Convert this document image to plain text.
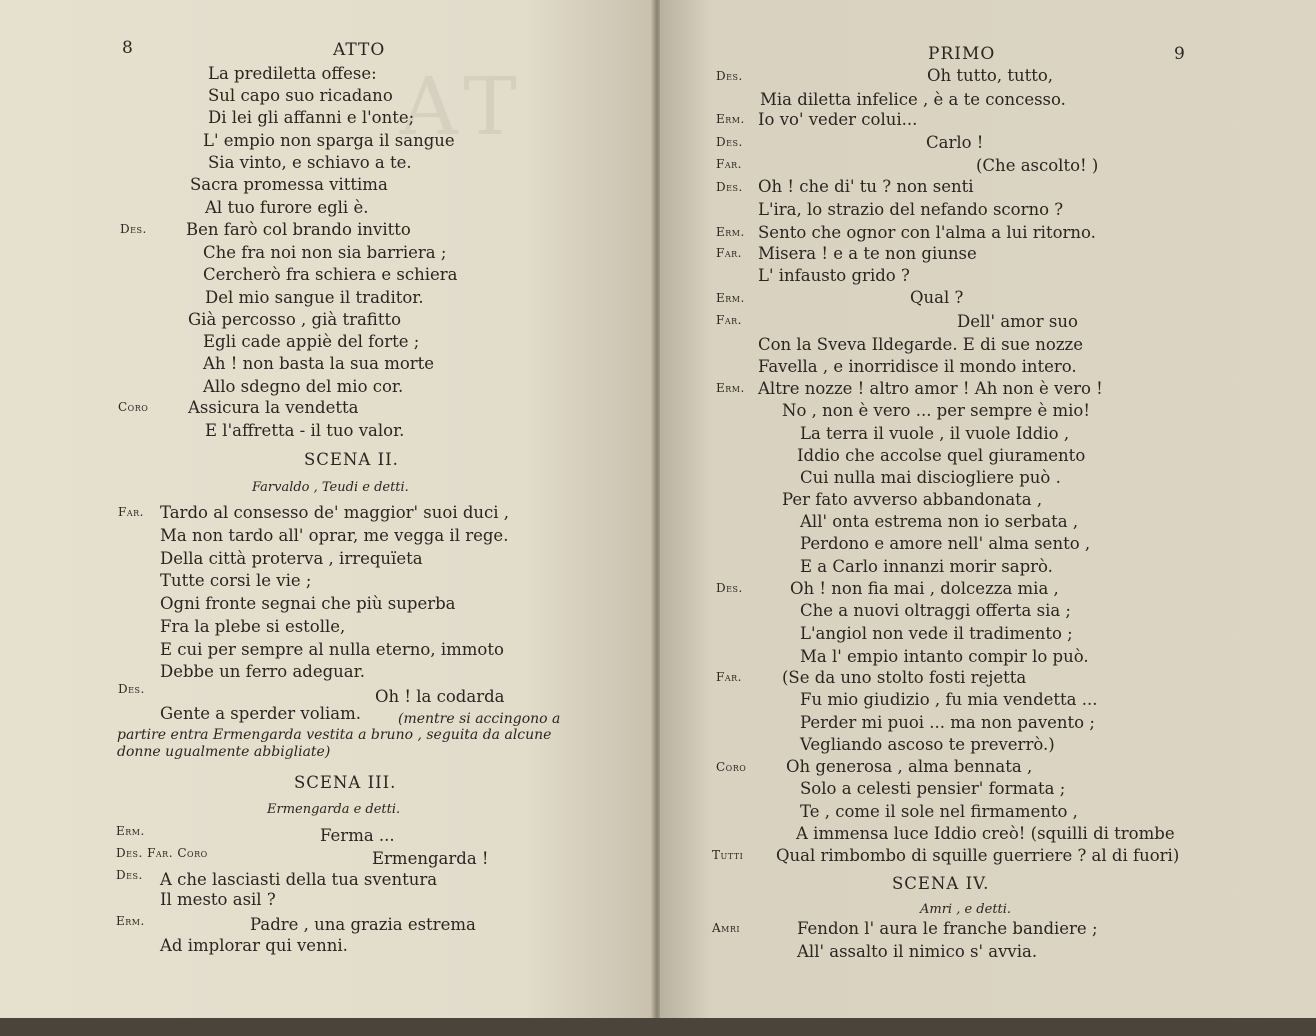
AT
8	ATTO
La prediletta offese:
Sul capo suo ricadano
Di lei gli affanni e l'onte;
L' empio non sparga il sangue
Sia vinto, e schiavo a te.
Sacra promessa vittima
Al tuo furore egli è.
Des. Ben farò col brando invitto
Che fra noi non sia barriera ;
Cercherò fra schiera e schiera
Del mio sangue il traditor.
Già percosso , già trafitto
Egli cade appiè del forte ;
Ah ! non basta la sua morte
Allo sdegno del mio cor.
Coro Assicura la vendetta
E l'affretta - il tuo valor.
SCENA II.
Farvaldo , Teudi e detti.
Far. Tardo al consesso de' maggior' suoi duci ,
Ma non tardo all' oprar, me vegga il rege.
Della città proterva , irrequïeta
Tutte corsi le vie ;
Ogni fronte segnai che più superba
Fra la plebe si estolle,
E cui per sempre al nulla eterno, immoto
Debbe un ferro adeguar.
Des.	Oh ! la codarda
Gente a sperder voliam.	(mentre si accingono a
partire entra Ermengarda vestita a bruno , seguita da alcune
donne ugualmente abbigliate)
SCENA III.
Ermengarda e detti.
Erm.	Ferma ...
Des. Far. Coro	Ermengarda !
Des. A che lasciasti della tua sventura
Il mesto asil ?
Erm.	Padre , una grazia estrema
Ad implorar qui venni.
PRIMO	9
Des.	Oh tutto, tutto,
Mia diletta infelice , è a te concesso.
Erm. Io vo' veder colui...
Des.	Carlo !
Far.	(Che ascolto! )
Des. Oh ! che di' tu ? non senti
L'ira, lo strazio del nefando scorno ?
Erm. Sento che ognor con l'alma a lui ritorno.
Far. Misera ! e a te non giunse
L' infausto grido ?
Erm.	Qual ?
Far.	Dell' amor suo
Con la Sveva Ildegarde. E di sue nozze
Favella , e inorridisce il mondo intero.
Erm. Altre nozze ! altro amor ! Ah non è vero !
No , non è vero ... per sempre è mio!
La terra il vuole , il vuole Iddio ,
Iddio che accolse quel giuramento
Cui nulla mai disciogliere può .
Per fato avverso abbandonata ,
All' onta estrema non io serbata ,
Perdono e amore nell' alma sento ,
E a Carlo innanzi morir saprò.
Des.	Oh ! non fia mai , dolcezza mia ,
Che a nuovi oltraggi offerta sia ;
L'angiol non vede il tradimento ;
Ma l' empio intanto compir lo può.
Far. (Se da uno stolto fosti rejetta
Fu mio giudizio , fu mia vendetta ...
Perder mi puoi ... ma non pavento ;
Vegliando ascoso te preverrò.)
Coro Oh generosa , alma bennata ,
Solo a celesti pensier' formata ;
Te , come il sole nel firmamento ,
A immensa luce Iddio creò! (squilli di trombe
Tutti Qual rimbombo di squille guerriere ? al di fuori)
SCENA IV.
Amri , e detti.
Amri	Fendon l' aura le franche bandiere ;
All' assalto il nimico s' avvia.
